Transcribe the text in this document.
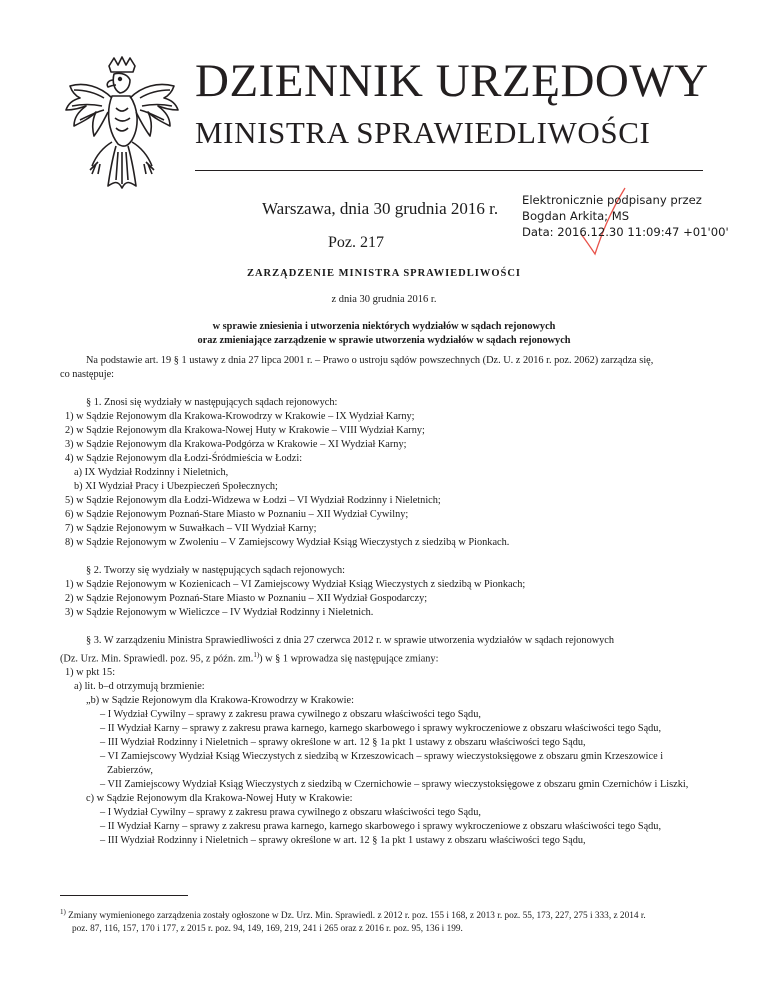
DZIENNIK URZĘDOWY
MINISTRA SPRAWIEDLIWOŚCI
Warszawa, dnia 30 grudnia 2016 r.
Poz. 217
Elektronicznie podpisany przez
Bogdan Arkita; MS
Data: 2016.12.30 11:09:47 +01'00'
ZARZĄDZENIE MINISTRA SPRAWIEDLIWOŚCI
z dnia 30 grudnia 2016 r.
w sprawie zniesienia i utworzenia niektórych wydziałów w sądach rejonowych
oraz zmieniające zarządzenie w sprawie utworzenia wydziałów w sądach rejonowych

Na podstawie art. 19 § 1 ustawy z dnia 27 lipca 2001 r. – Prawo o ustroju sądów powszechnych (Dz. U. z 2016 r. poz. 2062) zarządza się,

co następuje:

§ 1. Znosi się wydziały w następujących sądach rejonowych:

1) w Sądzie Rejonowym dla Krakowa-Krowodrzy w Krakowie – IX Wydział Karny;

2) w Sądzie Rejonowym dla Krakowa-Nowej Huty w Krakowie – VIII Wydział Karny;

3) w Sądzie Rejonowym dla Krakowa-Podgórza w Krakowie – XI Wydział Karny;

4) w Sądzie Rejonowym dla Łodzi-Śródmieścia w Łodzi:

a) IX Wydział Rodzinny i Nieletnich,

b) XI Wydział Pracy i Ubezpieczeń Społecznych;

5) w Sądzie Rejonowym dla Łodzi-Widzewa w Łodzi – VI Wydział Rodzinny i Nieletnich;

6) w Sądzie Rejonowym Poznań-Stare Miasto w Poznaniu – XII Wydział Cywilny;

7) w Sądzie Rejonowym w Suwałkach – VII Wydział Karny;

8) w Sądzie Rejonowym w Zwoleniu – V Zamiejscowy Wydział Ksiąg Wieczystych z siedzibą w Pionkach.

§ 2. Tworzy się wydziały w następujących sądach rejonowych:

1) w Sądzie Rejonowym w Kozienicach – VI Zamiejscowy Wydział Ksiąg Wieczystych z siedzibą w Pionkach;

2) w Sądzie Rejonowym Poznań-Stare Miasto w Poznaniu – XII Wydział Gospodarczy;

3) w Sądzie Rejonowym w Wieliczce – IV Wydział Rodzinny i Nieletnich.

§ 3. W zarządzeniu Ministra Sprawiedliwości z dnia 27 czerwca 2012 r. w sprawie utworzenia wydziałów w sądach rejonowych

(Dz. Urz. Min. Sprawiedl. poz. 95, z późn. zm.$^{1)}$) w § 1 wprowadza się następujące zmiany:

1) w pkt 15:

a) lit. b–d otrzymują brzmienie:

„b) w Sądzie Rejonowym dla Krakowa-Krowodrzy w Krakowie:

– I Wydział Cywilny – sprawy z zakresu prawa cywilnego z obszaru właściwości tego Sądu,

– II Wydział Karny – sprawy z zakresu prawa karnego, karnego skarbowego i sprawy wykroczeniowe z obszaru właściwości tego Sądu,

– III Wydział Rodzinny i Nieletnich – sprawy określone w art. 12 § 1a pkt 1 ustawy z obszaru właściwości tego Sądu,

– VI Zamiejscowy Wydział Ksiąg Wieczystych z siedzibą w Krzeszowicach – sprawy wieczystoksięgowe z obszaru gmin Krzeszowice i Zabierzów,

– VII Zamiejscowy Wydział Ksiąg Wieczystych z siedzibą w Czernichowie – sprawy wieczystoksięgowe z obszaru gmin Czernichów i Liszki,

c) w Sądzie Rejonowym dla Krakowa-Nowej Huty w Krakowie:

– I Wydział Cywilny – sprawy z zakresu prawa cywilnego z obszaru właściwości tego Sądu,

– II Wydział Karny – sprawy z zakresu prawa karnego, karnego skarbowego i sprawy wykroczeniowe z obszaru właściwości tego Sądu,

– III Wydział Rodzinny i Nieletnich – sprawy określone w art. 12 § 1a pkt 1 ustawy z obszaru właściwości tego Sądu,

$^{1)}$ Zmiany wymienionego zarządzenia zostały ogłoszone w Dz. Urz. Min. Sprawiedl. z 2012 r. poz. 155 i 168, z 2013 r. poz. 55, 173, 227, 275 i 333, z 2014 r.
poz. 87, 116, 157, 170 i 177, z 2015 r. poz. 94, 149, 169, 219, 241 i 265 oraz z 2016 r. poz. 95, 136 i 199.
